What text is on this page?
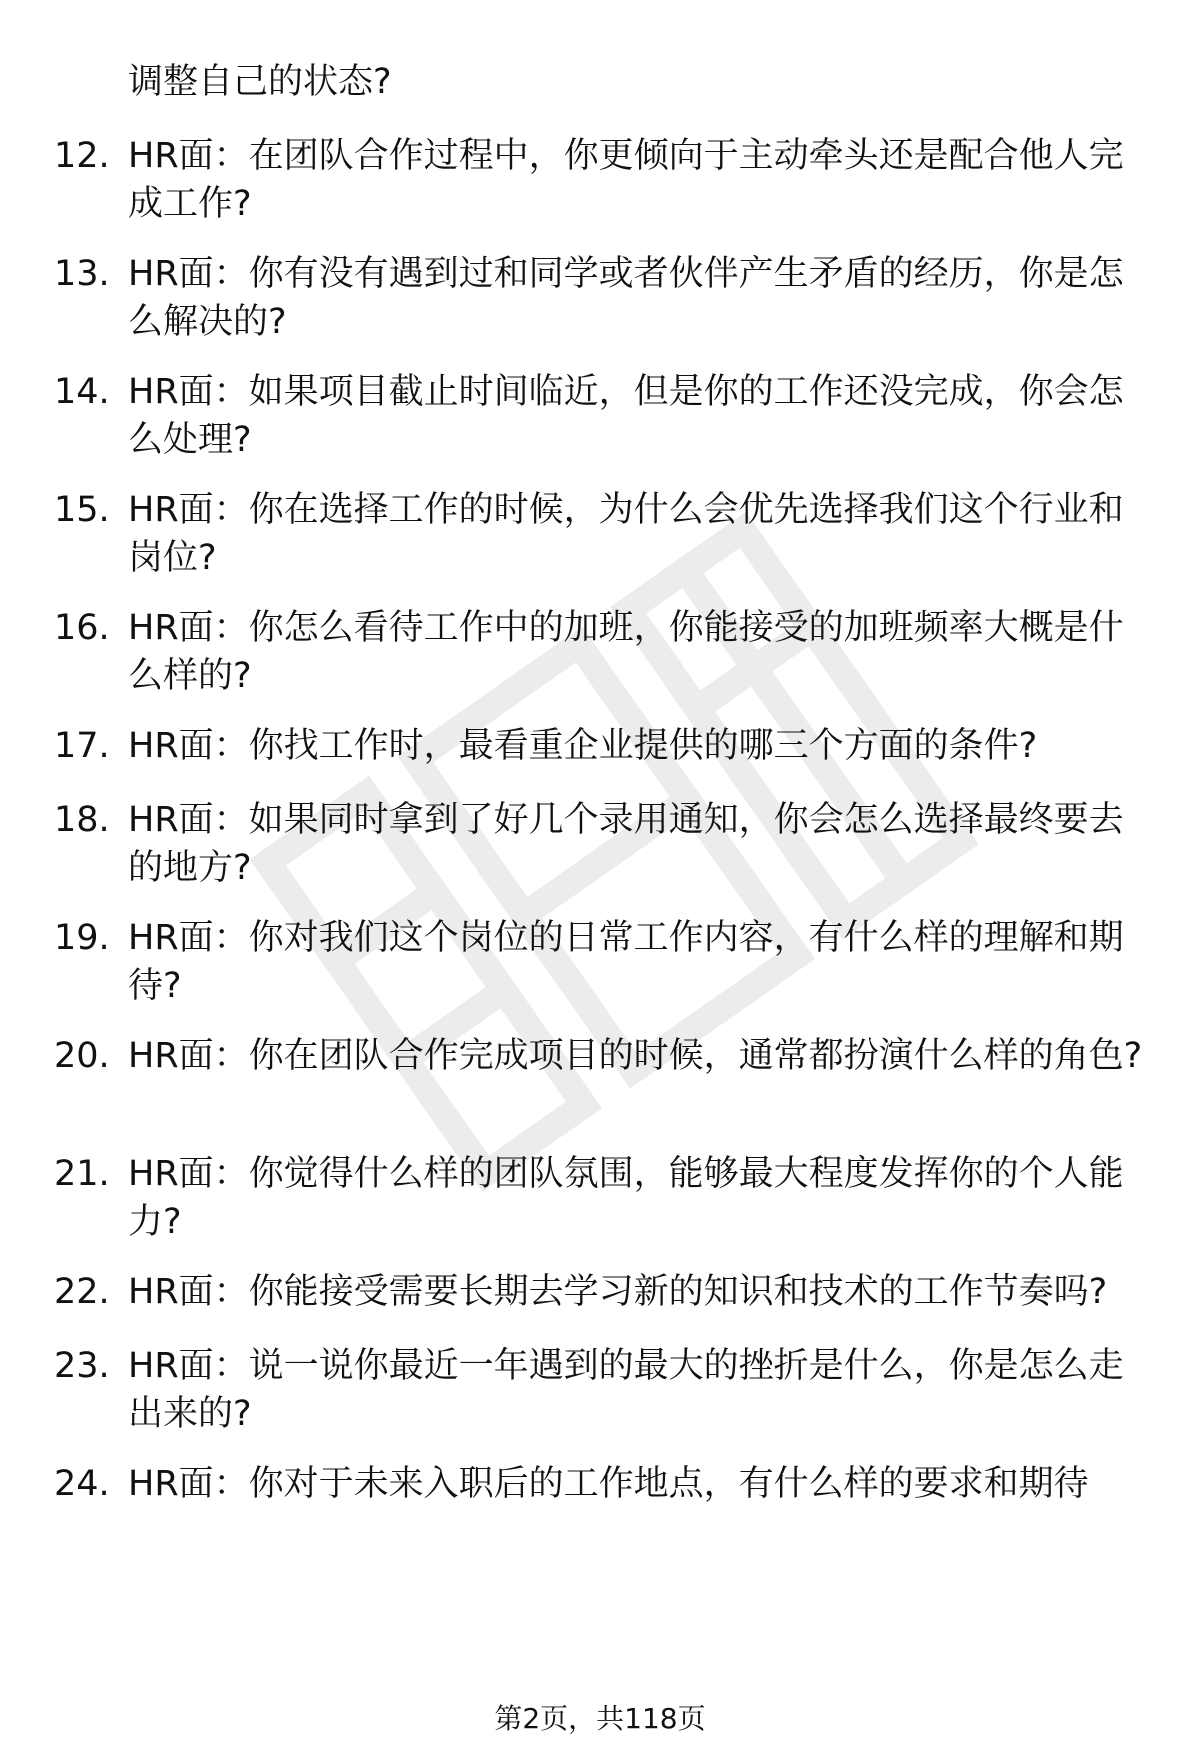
调整自己的状态?
12. HR面：在团队合作过程中，你更倾向于主动牵头还是配合他人完成工作?
13. HR面：你有没有遇到过和同学或者伙伴产生矛盾的经历，你是怎么解决的?
14. HR面：如果项目截止时间临近，但是你的工作还没完成，你会怎么处理?
15. HR面：你在选择工作的时候，为什么会优先选择我们这个行业和岗位?
16. HR面：你怎么看待工作中的加班，你能接受的加班频率大概是什么样的?
17. HR面：你找工作时，最看重企业提供的哪三个方面的条件?
18. HR面：如果同时拿到了好几个录用通知，你会怎么选择最终要去的地方?
19. HR面：你对我们这个岗位的日常工作内容，有什么样的理解和期待?
20. HR面：你在团队合作完成项目的时候，通常都扮演什么样的角色?
21. HR面：你觉得什么样的团队氛围，能够最大程度发挥你的个人能力?
22. HR面：你能接受需要长期去学习新的知识和技术的工作节奏吗?
23. HR面：说一说你最近一年遇到的最大的挫折是什么，你是怎么走出来的?
24. HR面：你对于未来入职后的工作地点，有什么样的要求和期待
第2页，共118页
